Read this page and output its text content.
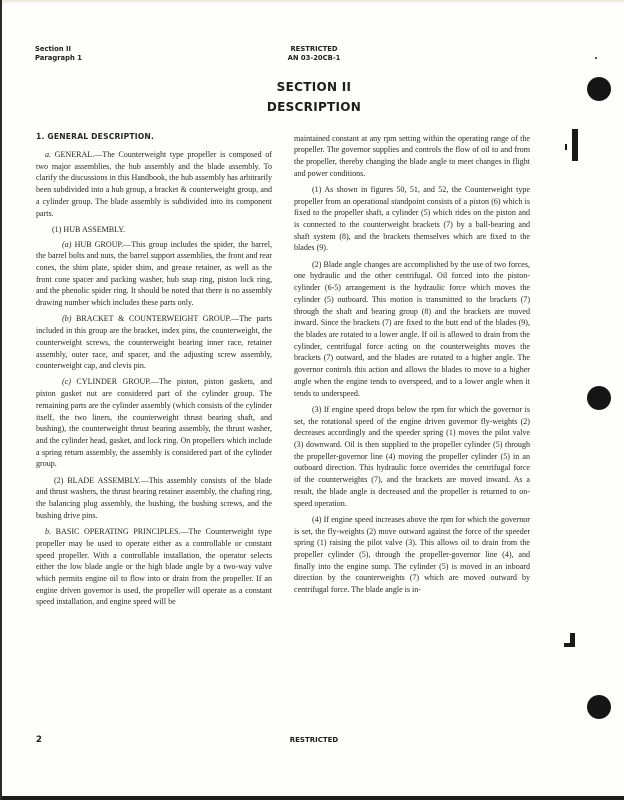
Section II
Paragraph 1
RESTRICTED
AN 03-20CB-1
SECTION II
DESCRIPTION

1. GENERAL DESCRIPTION.

a. GENERAL.—The Counterweight type propeller is composed of two major assemblies, the hub assembly and the blade assembly. To clarify the discussions in this Handbook, the hub assembly has arbitrarily been subdivided into a hub group, a bracket & counterweight group, and a cylinder group. The blade assembly is subdivided into its component parts.

(1) HUB ASSEMBLY.

(a) HUB GROUP.—This group includes the spider, the barrel, the barrel bolts and nuts, the barrel support assemblies, the front and rear cones, the shim plate, spider shim, and grease retainer, as well as the front cone spacer and packing washer, hub snap ring, piston lock ring, and the phenolic spider ring. It should be noted that there is no assembly drawing number which includes these parts only.

(b) BRACKET & COUNTERWEIGHT GROUP.—The parts included in this group are the bracket, index pins, the counterweight, the counterweight screws, the counterweight bearing inner race, retainer assembly, outer race, and spacer, and the adjusting screw assembly, counterweight cap, and clevis pin.

(c) CYLINDER GROUP.—The piston, piston gaskets, and piston gasket nut are considered part of the cylinder group. The remaining parts are the cylinder assembly (which consists of the cylinder itself, the two liners, the counterweight thrust bearing shaft, and bushing), the counterweight thrust bearing assembly, the thrust washer, and the cylinder head, gasket, and lock ring. On propellers which include a spring return assembly, the assembly is considered part of the cylinder group.

(2) BLADE ASSEMBLY.—This assembly consists of the blade and thrust washers, the thrust bearing retainer assembly, the chafing ring, the balancing plug assembly, the bushing, the bushing screws, and the bushing drive pins.

b. BASIC OPERATING PRINCIPLES.—The Counterweight type propeller may be used to operate either as a controllable or constant speed propeller. With a controllable installation, the operator selects either the low blade angle or the high blade angle by a two-way valve which permits engine oil to flow into or drain from the propeller. If an engine driven governor is used, the propeller will operate as a constant speed installation, and engine speed will be

maintained constant at any rpm setting within the operating range of the propeller. The governor supplies and controls the flow of oil to and from the propeller, thereby changing the blade angle to meet changes in flight and power conditions.

(1) As shown in figures 50, 51, and 52, the Counterweight type propeller from an operational standpoint consists of a piston (6) which is fixed to the propeller shaft, a cylinder (5) which rides on the piston and is connected to the counterweight brackets (7) by a ball-bearing and shaft system (8), and the brackets themselves which are fixed to the blades (9).

(2) Blade angle changes are accomplished by the use of two forces, one hydraulic and the other centrifugal. Oil forced into the piston-cylinder (6-5) arrangement is the hydraulic force which moves the cylinder (5) outboard. This motion is transmitted to the brackets (7) through the shaft and bearing group (8) and the brackets are moved inward. Since the brackets (7) are fixed to the butt end of the blades (9), the blades are rotated to a lower angle. If oil is allowed to drain from the cylinder, centrifugal force acting on the counterweights moves the brackets (7) outward, and the blades are rotated to a higher angle. The governor controls this action and allows the blades to move to a higher angle when the engine tends to overspeed, and to a lower angle when it tends to underspeed.

(3) If engine speed drops below the rpm for which the governor is set, the rotational speed of the engine driven governor fly-weights (2) decreases accordingly and the speeder spring (1) moves the pilot valve (3) downward. Oil is then supplied to the propeller cylinder (5) through the propeller-governor line (4) moving the propeller cylinder (5) in an outboard direction. This hydraulic force overrides the centrifugal force of the counterweights (7), and the brackets are moved inward. As a result, the blade angle is decreased and the propeller is returned to on-speed operation.

(4) If engine speed increases above the rpm for which the governor is set, the fly-weights (2) move outward against the force of the speeder spring (1) raising the pilot valve (3). This allows oil to drain from the propeller cylinder (5), through the propeller-governor line (4), and finally into the engine sump. The cylinder (5) is moved in an inboard direction by the counterweights (7) which are moved outward by centrifugal force. The blade angle is in-

2	RESTRICTED
